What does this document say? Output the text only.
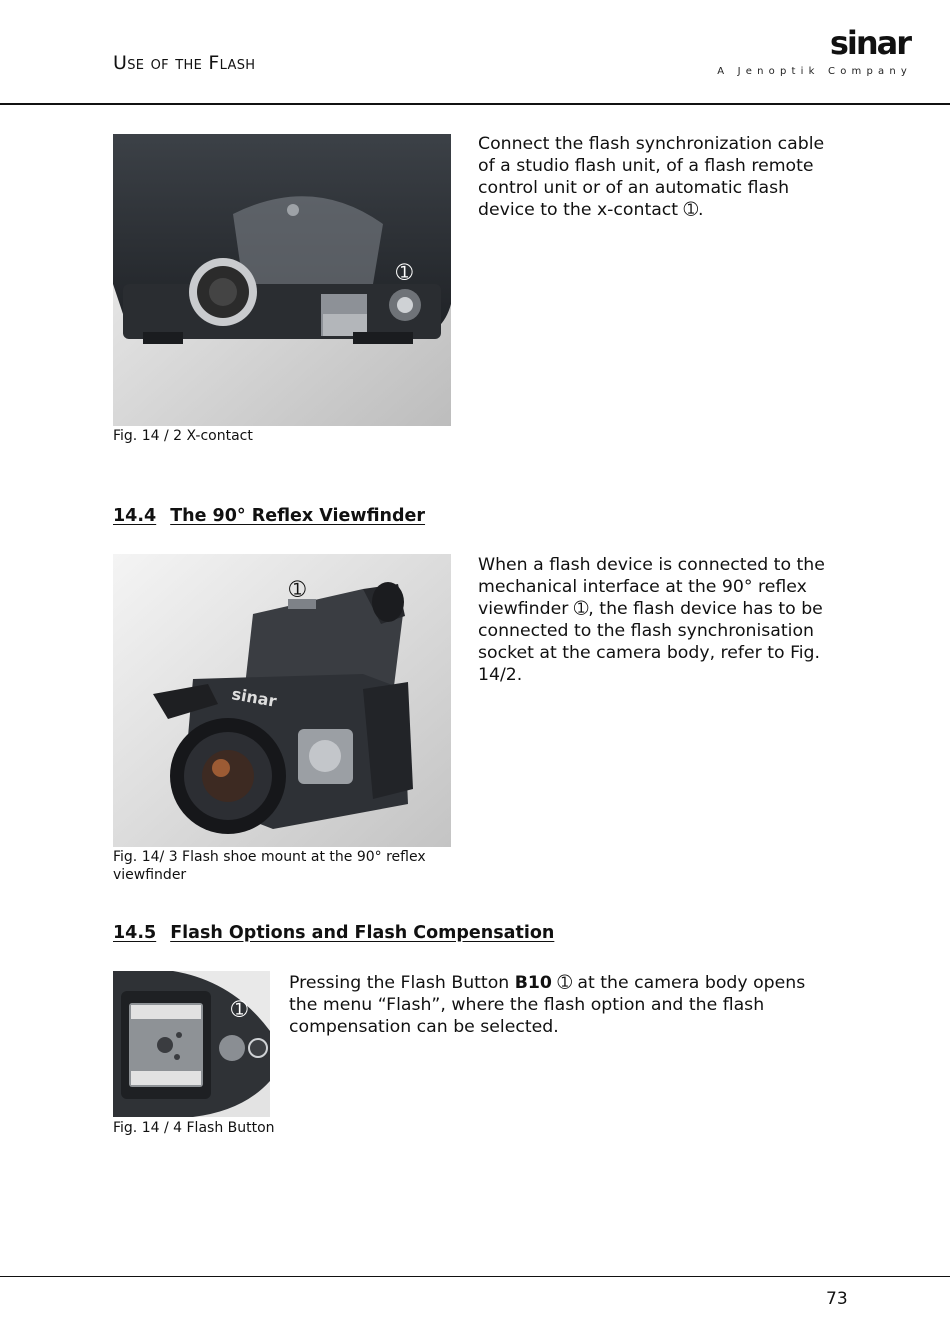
Use of the Flash
sinar
A Jenoptik Company
➀
Fig. 14 / 2 X-contact
Connect the flash synchronization cable of a studio flash unit, of a flash remote control unit or of an automatic flash device to the x-contact ➀.
14.4 The 90° Reflex Viewfinder
sinar
➀
Fig. 14/ 3 Flash shoe mount at the 90° reflex viewfinder
When a flash device is connected to the mechanical interface at the 90° reflex viewfinder ➀, the flash device has to be connected to the flash synchronisation socket at the camera body, refer to Fig. 14/2.
14.5 Flash Options and Flash Compensation
➀
Fig. 14 / 4 Flash Button
Pressing the Flash Button B10 ➀ at the camera body opens the menu “Flash”, where the flash option and the flash compensation can be selected.
73
